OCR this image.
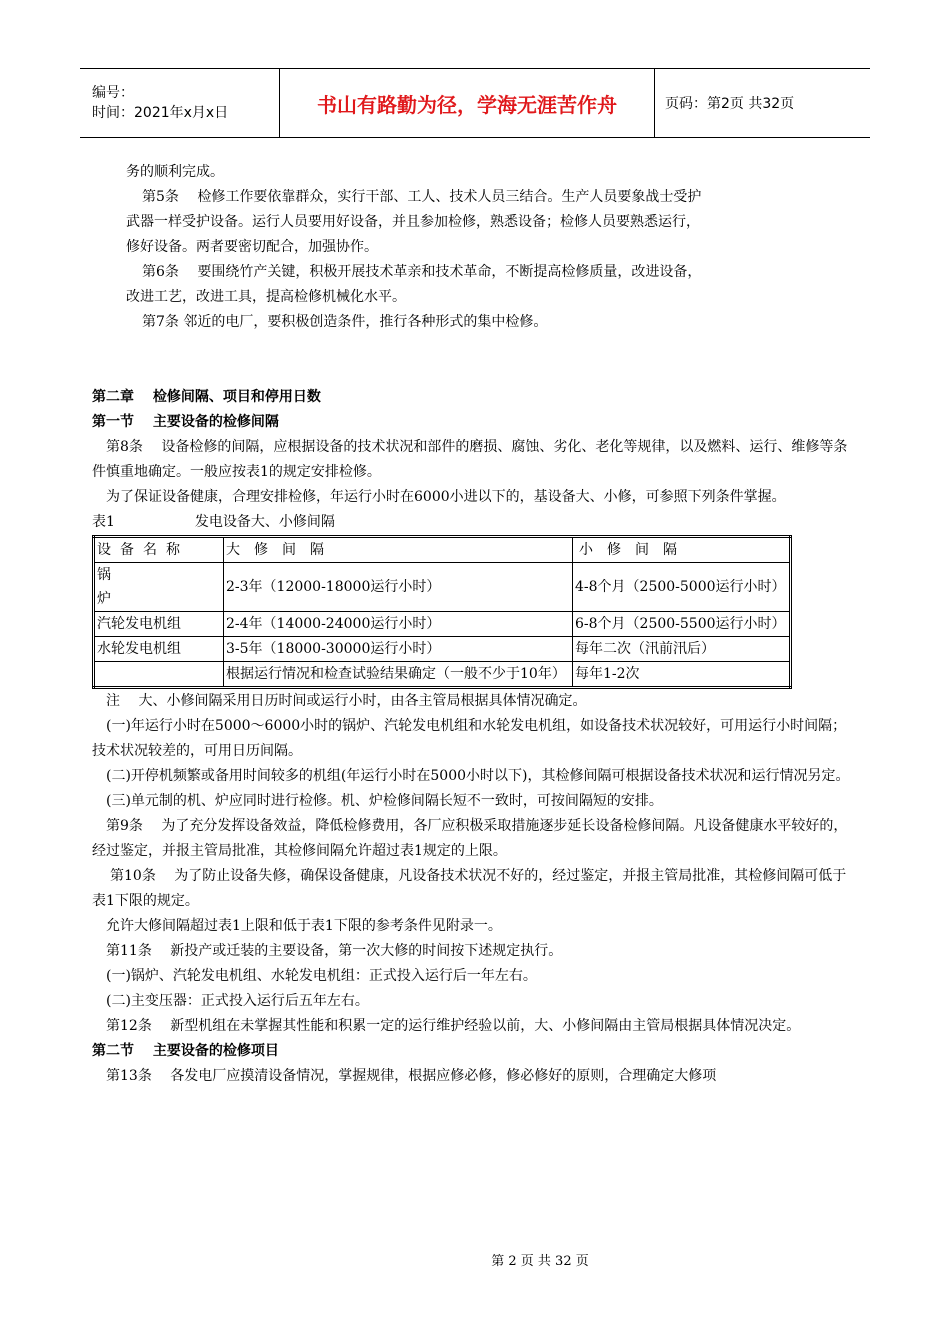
编号：
时间：2021年x月x日	书山有路勤为径，学海无涯苦作舟	页码：第2页 共32页

务的顺利完成。

第5条　 检修工作要依靠群众，实行干部、工人、技术人员三结合。生产人员要象战士受护

武器一样受护设备。运行人员要用好设备，并且参加检修，熟悉设备；检修人员要熟悉运行，

修好设备。两者要密切配合，加强协作。

第6条　 要围绕竹产关键，积极开展技术革亲和技术革命，不断提高检修质量，改进设备，

改进工艺，改进工具，提高检修机械化水平。

第7条 邻近的电厂，要积极创造条件，推行各种形式的集中检修。

第二章　 检修间隔、项目和停用日数

第一节　 主要设备的检修间隔

第8条　 设备检修的间隔，应根据设备的技术状况和部件的磨损、腐蚀、劣化、老化等规律，以及燃料、运行、维修等条件慎重地确定。一般应按表1的规定安排检修。

为了保证设备健康，合理安排检修，年运行小时在6000小进以下的，基设备大、小修，可参照下列条件掌握。

表1	发电设备大、小修间隔

设备名称	大　修　间　隔	小　修　间　隔
锅
炉	2-3年（12000-18000运行小时）	4-8个月（2500-5000运行小时）
汽轮发电机组	2-4年（14000-24000运行小时）	6-8个月（2500-5500运行小时）
水轮发电机组	3-5年（18000-30000运行小时）	每年二次（汛前汛后）
	根据运行情况和检查试验结果确定（一般不少于10年）	每年1-2次

注　 大、小修间隔采用日历时间或运行小时，由各主管局根据具体情况确定。

(一)年运行小时在5000～6000小时的锅炉、汽轮发电机组和水轮发电机组，如设备技术状况较好，可用运行小时间隔；技术状况较差的，可用日历间隔。

(二)开停机频繁或备用时间较多的机组(年运行小时在5000小时以下)，其检修间隔可根据设备技术状况和运行情况另定。

(三)单元制的机、炉应同时进行检修。机、炉检修间隔长短不一致时，可按间隔短的安排。

第9条　 为了充分发挥设备效益，降低检修费用，各厂应积极采取措施逐步延长设备检修间隔。凡设备健康水平较好的，经过鉴定，并报主管局批准，其检修间隔允许超过表1规定的上限。

第10条　 为了防止设备失修，确保设备健康，凡设备技术状况不好的，经过鉴定，并报主管局批准，其检修间隔可低于表1下限的规定。

允许大修间隔超过表1上限和低于表1下限的参考条件见附录一。

第11条　 新投产或迁装的主要设备，第一次大修的时间按下述规定执行。

(一)锅炉、汽轮发电机组、水轮发电机组：正式投入运行后一年左右。

(二)主变压器：正式投入运行后五年左右。

第12条　 新型机组在未掌握其性能和积累一定的运行维护经验以前，大、小修间隔由主管局根据具体情况决定。

第二节　 主要设备的检修项目

第13条　 各发电厂应摸清设备情况，掌握规律，根据应修必修，修必修好的原则，合理确定大修项

第 2 页 共 32 页
